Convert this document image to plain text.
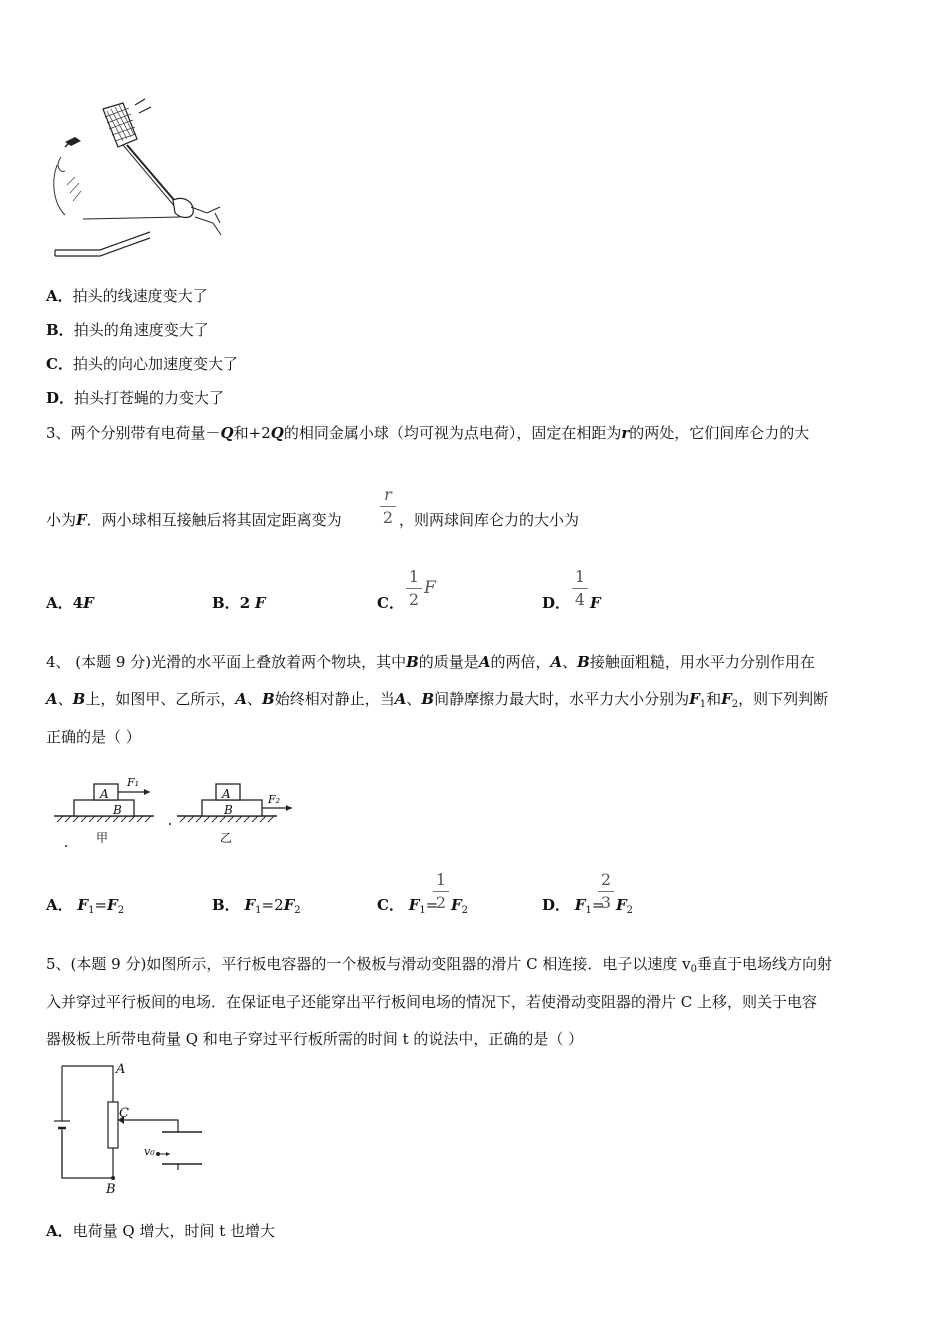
A．拍头的线速度变大了
B．拍头的角速度变大了
C．拍头的向心加速度变大了
D．拍头打苍蝇的力变大了
3、两个分别带有电荷量－Q和+2Q的相同金属小球（均可视为点电荷），固定在相距为r的两处，它们间库仑力的大
小为F．两小球相互接触后将其固定距离变为
r
2 ，则两球间库仑力的大小为
A．4F	B．2 F	C．
1
2
F
D．
1
4 F
4、 (本题 9 分)光滑的水平面上叠放着两个物块，其中B的质量是A的两倍，A、B接触面粗糙，用水平力分别作用在
A、B上，如图甲、乙所示，A、B始终相对静止，当A、B间静摩擦力最大时，水平力大小分别为$F_1$和$F_2$，则下列判断
正确的是（ ）
A
B
F₁
A
B
F₂
甲	乙
A． $F_1=F_2$	B． $F_1=2F_2$	C． $F_1=$
1
2 $F_2$	D． $F_1=$
2
3 $F_2$
5、(本题 9 分)如图所示，平行板电容器的一个极板与滑动变阻器的滑片 C 相连接．电子以速度 $v_0$垂直于电场线方向射
入并穿过平行板间的电场．在保证电子还能穿出平行板间电场的情况下，若使滑动变阻器的滑片 C 上移，则关于电容
器极板上所带电荷量 Q 和电子穿过平行板所需的时间 t 的说法中，正确的是（ ）
A
C
v₀
B
A．电荷量 Q 增大，时间 t 也增大
